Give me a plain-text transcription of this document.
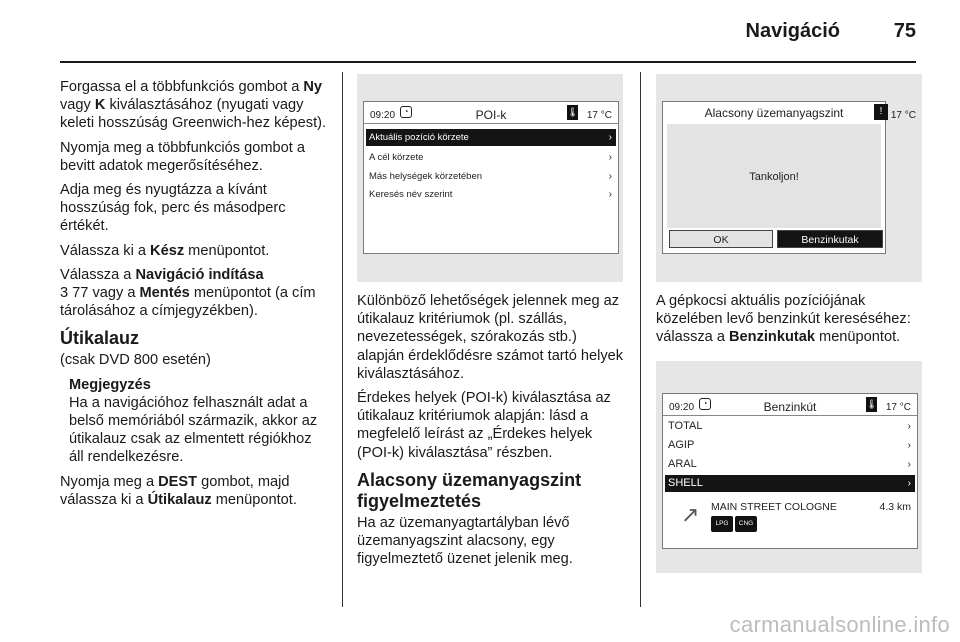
Navigáció	75

Forgassa el a többfunkciós gombot a Ny vagy K kiválasztásához (nyugati vagy keleti hosszúság Greenwich-hez képest).

Nyomja meg a többfunkciós gombot a bevitt adatok megerősítéséhez.

Adja meg és nyugtázza a kívánt hosszúság fok, perc és másodperc értékét.

Válassza ki a Kész menüpontot.

Válassza a Navigáció indítása
3 77 vagy a Mentés menüpontot (a cím tárolásához a címjegyzékben).

Útikalauz

(csak DVD 800 esetén)

Megjegyzés
Ha a navigációhoz felhasznált adat a belső memóriából származik, akkor az útikalauz csak az elmentett régiókhoz áll rendelkezésre.

Nyomja meg a DEST gombot, majd válassza ki a Útikalauz menüpontot.

09:20	◔	POI-k	🌡 17 °C
Aktuális pozíció körzete	›
A cél körzete	›
Más helységek körzetében	›
Keresés név szerint	›

Különböző lehetőségek jelennek meg az útikalauz kritériumok (pl. szállás, nevezetességek, szórakozás stb.) alapján érdeklődésre számot tartó helyek kiválasztásához.

Érdekes helyek (POI-k) kiválasztása az útikalauz kritériumok alapján: lásd a megfelelő leírást az „Érdekes helyek (POI-k) kiválasztása” részben.

Alacsony üzemanyagszint figyelmeztetés

Ha az üzemanyagtartályban lévő üzemanyagszint alacsony, egy figyelmeztető üzenet jelenik meg.

Alacsony üzemanyagszint
Tankoljon!
OK	Benzinkutak
! 17 °C

A gépkocsi aktuális pozíciójának közelében levő benzinkút kereséséhez: válassza a Benzinkutak menüpontot.

09:20	◔	Benzinkút	🌡 17 °C
TOTAL	›
AGIP	›
ARAL	›
SHELL	›
MAIN STREET COLOGNE	4.3 km
↗	LPG	CNG
carmanualsonline.info
